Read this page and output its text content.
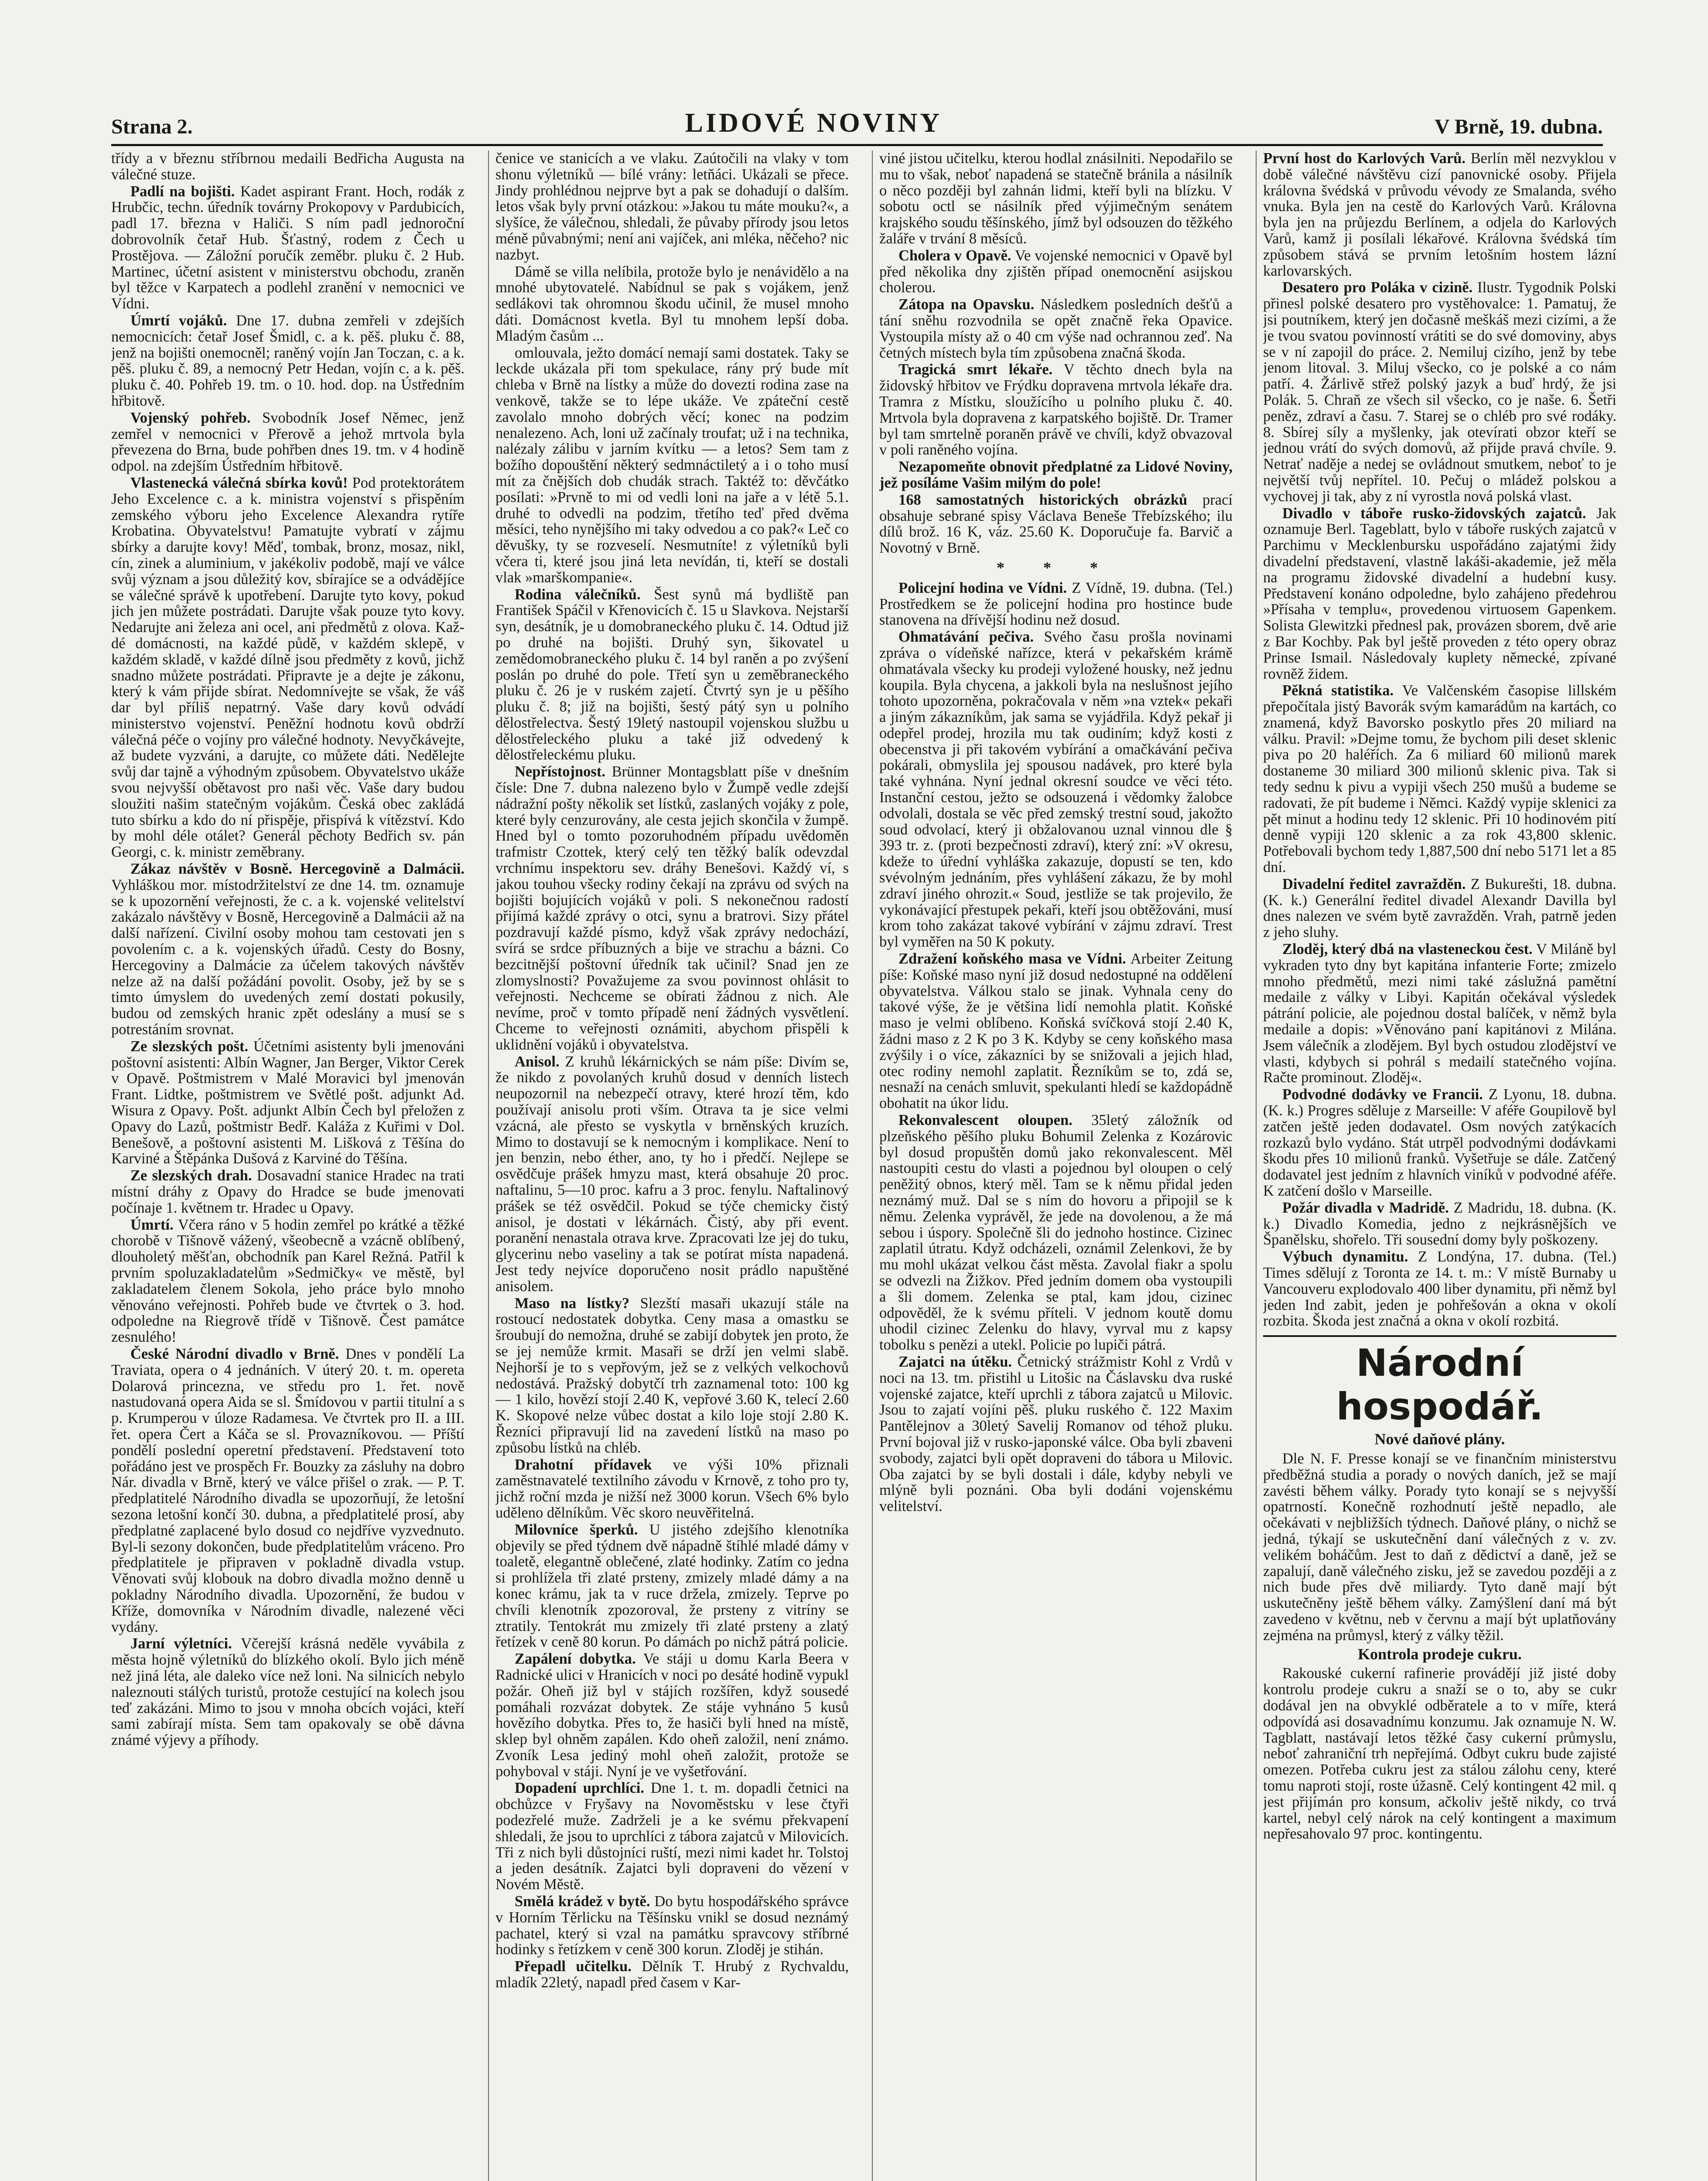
Strana 2.	LIDOVÉ NOVINY	V Brně, 19. dubna.

třídy a v březnu stříbrnou medaili Bedřicha Augusta na válečné stuze.

Padlí na bojišti. Kadet aspirant Frant. Hoch, rodák z Hrubčic, techn. úředník továrny Prokopovy v Pardubicích, padl 17. března v Haliči. S ním padl jednoroční dobrovolník četař Hub. Šťastný, rodem z Čech u Prostějova. — Záložní poručík zeměbr. pluku č. 2 Hub. Martinec, účetní asistent v ministerstvu obchodu, zraněn byl těžce v Karpatech a podlehl zranění v nemocnici ve Vídni.

Úmrtí vojáků. Dne 17. dubna zemřeli v zdejších nemocnicích: četař Josef Šmidl, c. a k. pěš. pluku č. 88, jenž na bojišti onemocněl; raněný vojín Jan Toczan, c. a k. pěš. pluku č. 89, a nemocný Petr Hedan, vojín c. a k. pěš. pluku č. 40. Pohřeb 19. tm. o 10. hod. dop. na Ústředním hřbitově.

Vojenský pohřeb. Svobodník Josef Němec, jenž zemřel v nemocnici v Přerově a jehož mrtvola byla převezena do Brna, bude pohřben dnes 19. tm. v 4 hodině odpol. na zdejším Ústředním hřbitově.

Vlastenecká válečná sbírka kovů! Pod protektorátem Jeho Excelence c. a k. ministra vojenství s přispěním zemského výboru jeho Excelence Alexandra rytíře Krobatina. Obyvatelstvu! Pamatujte vybratí v zájmu sbírky a darujte kovy! Měď, tombak, bronz, mosaz, nikl, cín, zinek a aluminium, v jakékoliv podobě, mají ve válce svůj význam a jsou důležitý kov, sbírajíce se a odvádějíce se válečné správě k upotřebení. Darujte tyto kovy, pokud jich jen můžete postrádati. Darujte však pouze tyto kovy. Nedarujte ani železa ani ocel, ani předmětů z olova. Každé domácnosti, na každé půdě, v každém sklepě, v každém skladě, v každé dílně jsou předměty z kovů, jichž snadno můžete postrádati. Připravte je a dejte je zákonu, který k vám přijde sbírat. Nedomnívejte se však, že váš dar byl příliš nepatrný. Vaše dary kovů odvádí ministerstvo vojenství. Peněžní hodnotu kovů obdrží válečná péče o vojíny pro válečné hodnoty. Nevyčkávejte, až budete vyzváni, a darujte, co můžete dáti. Nedělejte svůj dar tajně a výhodným způsobem. Obyvatelstvo ukáže svou nejvyšší obětavost pro naši věc. Vaše dary budou sloužiti našim statečným vojákům. Česká obec zakládá tuto sbírku a kdo do ní přispěje, přispívá k vítězství. Kdo by mohl déle otálet? Generál pěchoty Bedřich sv. pán Georgi, c. k. ministr zeměbrany.

Zákaz návštěv v Bosně. Hercegovině a Dalmácii. Vyhláškou mor. místodržitelství ze dne 14. tm. oznamuje se k upozornění veřejnosti, že c. a k. vojenské velitelství zakázalo návštěvy v Bosně, Hercegovině a Dalmácii až na další nařízení. Civilní osoby mohou tam cestovati jen s povolením c. a k. vojenských úřadů. Cesty do Bosny, Hercegoviny a Dalmácie za účelem takových návštěv nelze až na další požádání povolit. Osoby, jež by se s timto úmyslem do uvedených zemí dostati pokusily, budou od zemských hranic zpět odeslány a musí se s potrestáním srovnat.

Ze slezských pošt. Účetními asistenty byli jmenováni poštovní asistenti: Albín Wagner, Jan Berger, Viktor Cerek v Opavě. Poštmistrem v Malé Moravici byl jmenován Frant. Lidtke, poštmistrem ve Světlé pošt. adjunkt Ad. Wisura z Opavy. Pošt. adjunkt Albín Čech byl přeložen z Opavy do Lazů, poštmistr Bedř. Kaláža z Kuřimi v Dol. Benešově, a poštovní asistenti M. Lišková z Těšína do Karviné a Štěpánka Dušová z Karviné do Těšína.

Ze slezských drah. Dosavadní stanice Hradec na trati místní dráhy z Opavy do Hradce se bude jmenovati počínaje 1. květnem tr. Hradec u Opavy.

Úmrtí. Včera ráno v 5 hodin zemřel po krátké a těžké chorobě v Tišnově vážený, všeobecně a vzácně oblíbený, dlouholetý měšťan, obchodník pan Karel Režná. Patřil k prvním spoluzakladatelům »Sedmičky« ve městě, byl zakladatelem členem Sokola, jeho práce bylo mnoho věnováno veřejnosti. Pohřeb bude ve čtvrtek o 3. hod. odpoledne na Riegrově třídě v Tišnově. Čest památce zesnulého!

České Národní divadlo v Brně. Dnes v pondělí La Traviata, opera o 4 jednáních. V úterý 20. t. m. opereta Dolarová princezna, ve středu pro 1. řet. nově nastudovaná opera Aida se sl. Šmídovou v partii titulní a s p. Krumperou v úloze Radamesa. Ve čtvrtek pro II. a III. řet. opera Čert a Káča se sl. Provazníkovou. — Příští pondělí poslední operetní představení. Představení toto pořádáno jest ve prospěch Fr. Bouzky za zásluhy na dobro Nár. divadla v Brně, který ve válce přišel o zrak. — P. T. předplatitelé Národního divadla se upozorňují, že letošní sezona letošní končí 30. dubna, a předplatitelé prosí, aby předplatné zaplacené bylo dosud co nejdříve vyzvednuto. Byl-li sezony dokončen, bude předplatitelům vráceno. Pro předplatitele je připraven v pokladně divadla vstup. Věnovati svůj klobouk na dobro divadla možno denně u pokladny Národního divadla. Upozornění, že budou v Kříže, domovníka v Národním divadle, nalezené věci vydány.

Jarní výletníci. Včerejší krásná neděle vyvábila z města hojně výletníků do blízkého okolí. Bylo jich méně než jiná léta, ale daleko více než loni. Na silnicích nebylo naleznouti stálých turistů, protože cestující na kolech jsou teď zakázáni. Mimo to jsou v mnoha obcích vojáci, kteří sami zabírají místa. Sem tam opakovaly se obě dávna známé výjevy a příhody.

čenice ve stanicích a ve vlaku. Zaútočili na vlaky v tom shonu výletníků — bílé vrány: letňáci. Ukázali se přece. Jindy prohlédnou nejprve byt a pak se dohadují o dalším. letos však byly první otázkou: »Jakou tu máte mouku?«, a slyšíce, že válečnou, shledali, že půvaby přírody jsou letos méně půvabnými; není ani vajíček, ani mléka, něčeho? nic nazbyt.

Dámě se villa nelíbila, protože bylo je nenávidělo a na mnohé ubytovatelé. Nabídnul se pak s vojákem, jenž sedlákovi tak ohromnou škodu učinil, že musel mnoho dáti. Domácnost kvetla. Byl tu mnohem lepší doba. Mladým časům ...

omlouvala, ježto domácí nemají sami dostatek. Taky se leckde ukázala při tom spekulace, rány prý bude mít chleba v Brně na lístky a může do dovezti rodina zase na venkově, takže se to lépe ukáže. Ve zpáteční cestě zavolalo mnoho dobrých věcí; konec na podzim nenalezeno. Ach, loni už začínaly troufat; už i na technika, nalézaly zálibu v jarním kvítku — a letos? Sem tam z božího dopouštění některý sedmnáctiletý a i o toho musí mít za čnějších dob chudák strach. Taktéž to: děvčátko posílati: »Prvně to mi od vedli loni na jaře a v létě 5.1. druhé to odvedli na podzim, třetího teď před dvěma měsíci, teho nynějšího mi taky odvedou a co pak?« Leč co děvušky, ty se rozveselí. Nesmutníte! z výletníků byli včera ti, které jsou jiná leta nevídán, ti, kteří se dostali vlak »marškompanie«.

Rodina válečníků. Šest synů má bydliště pan František Spáčil v Křenovicích č. 15 u Slavkova. Nejstarší syn, desátník, je u domobraneckého pluku č. 14. Odtud již po druhé na bojišti. Druhý syn, šikovatel u zemědomobraneckého pluku č. 14 byl raněn a po zvýšení poslán po druhé do pole. Třetí syn u zeměbraneckého pluku č. 26 je v ruském zajetí. Čtvrtý syn je u pěšího pluku č. 8; již na bojišti, šestý pátý syn u polního dělostřelectva. Šestý 19letý nastoupil vojenskou službu u dělostřeleckého pluku a také již odvedený k dělostřeleckému pluku.

Nepřístojnost. Brünner Montagsblatt píše v dnešním čísle: Dne 7. dubna nalezeno bylo v Žumpě vedle zdejší nádražní pošty několik set lístků, zaslaných vojáky z pole, které byly cenzurovány, ale cesta jejich skončila v žumpě. Hned byl o tomto pozoruhodném případu uvědoměn trafmistr Czottek, který celý ten těžký balík odevzdal vrchnímu inspektoru sev. dráhy Benešovi. Každý ví, s jakou touhou všecky rodiny čekají na zprávu od svých na bojišti bojujících vojáků v poli. S nekonečnou radostí přijímá každé zprávy o otci, synu a bratrovi. Sizy přátel pozdravují každé písmo, když však zprávy nedochází, svírá se srdce příbuzných a bije ve strachu a bázni. Co bezcitnější poštovní úředník tak učinil? Snad jen ze zlomyslnosti? Považujeme za svou povinnost ohlásit to veřejnosti. Nechceme se obírati žádnou z nich. Ale nevíme, proč v tomto případě není žádných vysvětlení. Chceme to veřejnosti oznámiti, abychom přispěli k uklidnění vojáků i obyvatelstva.

Anisol. Z kruhů lékárnických se nám píše: Divím se, že nikdo z povolaných kruhů dosud v denních listech neupozornil na nebezpečí otravy, které hrozí těm, kdo používají anisolu proti vším. Otrava ta je sice velmi vzácná, ale přesto se vyskytla v brněnských kruzích. Mimo to dostavují se k nemocným i komplikace. Není to jen benzin, nebo éther, ano, ty ho i předčí. Nejlepe se osvědčuje prášek hmyzu mast, která obsahuje 20 proc. naftalinu, 5—10 proc. kafru a 3 proc. fenylu. Naftalinový prášek se též osvědčil. Pokud se týče chemicky čistý anisol, je dostati v lékárnách. Čistý, aby při event. poranění nenastala otrava krve. Zpracovati lze jej do tuku, glycerinu nebo vaseliny a tak se potírat místa napadená. Jest tedy nejvíce doporučeno nosit prádlo napuštěné anisolem.

Maso na lístky? Slezští masaři ukazují stále na rostoucí nedostatek dobytka. Ceny masa a omastku se šroubují do nemožna, druhé se zabijí dobytek jen proto, že se jej nemůže krmit. Masaři se drží jen velmi slabě. Nejhorší je to s vepřovým, jež se z velkých velkochovů nedostává. Pražský dobytčí trh zaznamenal toto: 100 kg — 1 kilo, hovězí stojí 2.40 K, vepřové 3.60 K, telecí 2.60 K. Skopové nelze vůbec dostat a kilo loje stojí 2.80 K. Řezníci připravují lid na zavedení lístků na maso po způsobu lístků na chléb.

Drahotní přídavek ve výši 10% přiznali zaměstnavatelé textilního závodu v Krnově, z toho pro ty, jichž roční mzda je nižší než 3000 korun. Všech 6% bylo uděleno dělníkům. Věc skoro neuvěřitelná.

Milovníce šperků. U jistého zdejšího klenotníka objevily se před týdnem dvě nápadně štíhlé mladé dámy v toaletě, elegantně oblečené, zlaté hodinky. Zatím co jedna si prohlížela tři zlaté prsteny, zmizely mladé dámy a na konec krámu, jak ta v ruce držela, zmizely. Teprve po chvíli klenotník zpozoroval, že prsteny z vitríny se ztratily. Tentokrát mu zmizely tři zlaté prsteny a zlatý řetízek v ceně 80 korun. Po dámách po nichž pátrá policie.

Zapálení dobytka. Ve stáji u domu Karla Beera v Radnické ulici v Hranicích v noci po desáté hodině vypukl požár. Oheň již byl v stájích rozšířen, když sousedé pomáhali rozvázat dobytek. Ze stáje vyhnáno 5 kusů hovězího dobytka. Přes to, že hasiči byli hned na místě, sklep byl ohněm zapálen. Kdo oheň založil, není známo. Zvoník Lesa jediný mohl oheň založit, protože se pohyboval v stáji. Nyní je ve vyšetřování.

Dopadení uprchlíci. Dne 1. t. m. dopadli četnici na obchůzce v Fryšavy na Novoměstsku v lese čtyři podezřelé muže. Zadrželi je a ke svému překvapení shledali, že jsou to uprchlíci z tábora zajatců v Milovicích. Tři z nich byli důstojníci ruští, mezi nimi kadet hr. Tolstoj a jeden desátník. Zajatci byli dopraveni do vězení v Novém Městě.

Smělá krádež v bytě. Do bytu hospodářského správce v Horním Těrlicku na Těšínsku vnikl se dosud neznámý pachatel, který si vzal na památku spravcovy stříbrné hodinky s řetízkem v ceně 300 korun. Zloděj je stihán.

Přepadl učitelku. Dělník T. Hrubý z Rychvaldu, mladík 22letý, napadl před časem v Kar-

viné jistou učitelku, kterou hodlal znásilniti. Nepodařilo se mu to však, neboť napadená se statečně bránila a násilník o něco později byl zahnán lidmi, kteří byli na blízku. V sobotu octl se násilník před výjimečným senátem krajského soudu těšínského, jímž byl odsouzen do těžkého žaláře v trvání 8 měsíců.

Cholera v Opavě. Ve vojenské nemocnici v Opavě byl před několika dny zjištěn případ onemocnění asijskou cholerou.

Zátopa na Opavsku. Následkem posledních dešťů a tání sněhu rozvodnila se opět značně řeka Opavice. Vystoupila místy až o 40 cm výše nad ochrannou zeď. Na četných místech byla tím způsobena značná škoda.

Tragická smrt lékaře. V těchto dnech byla na židovský hřbitov ve Frýdku dopravena mrtvola lékaře dra. Tramra z Místku, sloužícího u polního pluku č. 40. Mrtvola byla dopravena z karpatského bojiště. Dr. Tramer byl tam smrtelně poraněn právě ve chvíli, když obvazoval v poli raněného vojína.

Nezapomeňte obnovit předplatné za Lidové Noviny, jež posíláme Vašim milým do pole!

168 samostatných historických obrázků prací obsahuje sebrané spisy Václava Beneše Třebízského; ilu dílů brož. 16 K, váz. 25.60 K. Doporučuje fa. Barvič a Novotný v Brně.

* * *

Policejní hodina ve Vídni. Z Vídně, 19. dubna. (Tel.) Prostředkem se že policejní hodina pro hostince bude stanovena na dřívější hodinu než dosud.

Ohmatávání pečiva. Svého času prošla novinami zpráva o vídeňské nařízce, která v pekařském krámě ohmatávala všecky ku prodeji vyložené housky, než jednu koupila. Byla chycena, a jakkoli byla na neslušnost jejího tohoto upozorněna, pokračovala v něm »na vztek« pekaři a jiným zákazníkům, jak sama se vyjádřila. Když pekař ji odepřel prodej, hrozila mu tak oudiním; když kosti z obecenstva ji při takovém vybírání a omačkávání pečiva pokárali, obmyslila jej spousou nadávek, pro které byla také vyhnána. Nyní jednal okresní soudce ve věci této. Instanční cestou, ježto se odsouzená i vědomky žalobce odvolali, dostala se věc před zemský trestní soud, jakožto soud odvolací, který ji obžalovanou uznal vinnou dle § 393 tr. z. (proti bezpečnosti zdraví), který zní: »V okresu, kdeže to úřední vyhláška zakazuje, dopustí se ten, kdo svévolným jednáním, přes vyhlášení zákazu, že by mohl zdraví jiného ohrozit.« Soud, jestliže se tak projevilo, že vykonávající přestupek pekaři, kteří jsou obtěžováni, musí krom toho zakázat takové vybírání v zájmu zdraví. Trest byl vyměřen na 50 K pokuty.

Zdražení koňského masa ve Vídni. Arbeiter Zeitung píše: Koňské maso nyní již dosud nedostupné na oddělení obyvatelstva. Válkou stalo se jinak. Vyhnala ceny do takové výše, že je většina lidí nemohla platit. Koňské maso je velmi oblíbeno. Koňská svíčková stojí 2.40 K, žádni maso z 2 K po 3 K. Kdyby se ceny koňského masa zvýšily i o více, zákazníci by se snižovali a jejich hlad, otec rodiny nemohl zaplatit. Řezníkům se to, zdá se, nesnaží na cenách smluvit, spekulanti hledí se každopádně obohatit na úkor lidu.

Rekonvalescent oloupen. 35letý záložník od plzeňského pěšího pluku Bohumil Zelenka z Kozárovic byl dosud propuštěn domů jako rekonvalescent. Měl nastoupiti cestu do vlasti a pojednou byl oloupen o celý peněžitý obnos, který měl. Tam se k němu přidal jeden neznámý muž. Dal se s ním do hovoru a připojil se k němu. Zelenka vyprávěl, že jede na dovolenou, a že má sebou i úspory. Společně šli do jednoho hostince. Cizinec zaplatil útratu. Když odcházeli, oznámil Zelenkovi, že by mu mohl ukázat velkou část města. Zavolal fiakr a spolu se odvezli na Žižkov. Před jedním domem oba vystoupili a šli domem. Zelenka se ptal, kam jdou, cizinec odpověděl, že k svému příteli. V jednom koutě domu uhodil cizinec Zelenku do hlavy, vyrval mu z kapsy tobolku s penězi a utekl. Policie po lupiči pátrá.

Zajatci na útěku. Četnický strážmistr Kohl z Vrdů v noci na 13. tm. přistihl u Litošic na Čáslavsku dva ruské vojenské zajatce, kteří uprchli z tábora zajatců u Milovic. Jsou to zajatí vojíni pěš. pluku ruského č. 122 Maxim Pantělejnov a 30letý Savelij Romanov od téhož pluku. První bojoval již v rusko-japonské válce. Oba byli zbaveni svobody, zajatci byli opět dopraveni do tábora u Milovic. Oba zajatci by se byli dostali i dále, kdyby nebyli ve mlýně byli poznáni. Oba byli dodáni vojenskému velitelství.

První host do Karlových Varů. Berlín měl nezvyklou v době válečné návštěvu cizí panovnické osoby. Přijela královna švédská v průvodu vévody ze Smalanda, svého vnuka. Byla jen na cestě do Karlových Varů. Královna byla jen na průjezdu Berlínem, a odjela do Karlových Varů, kamž ji posílali lékařové. Královna švédská tím způsobem stává se prvním letošním hostem lázní karlovarských.

Desatero pro Poláka v cizině. Ilustr. Tygodnik Polski přinesl polské desatero pro vystěhovalce: 1. Pamatuj, že jsi poutníkem, který jen dočasně meškáš mezi cizími, a že je tvou svatou povinností vrátiti se do své domoviny, abys se v ní zapojil do práce. 2. Nemiluj cizího, jenž by tebe jenom litoval. 3. Miluj všecko, co je polské a co nám patří. 4. Žárlivě střež polský jazyk a buď hrdý, že jsi Polák. 5. Chraň ze všech sil všecko, co je naše. 6. Šetři peněz, zdraví a času. 7. Starej se o chléb pro své rodáky. 8. Sbírej síly a myšlenky, jak otevírati obzor kteří se jednou vrátí do svých domovů, až přijde pravá chvíle. 9. Netrať naděje a nedej se ovládnout smutkem, neboť to je největší tvůj nepřítel. 10. Pečuj o mládež polskou a vychovej ji tak, aby z ní vyrostla nová polská vlast.

Divadlo v táboře rusko-židovských zajatců. Jak oznamuje Berl. Tageblatt, bylo v táboře ruských zajatců v Parchimu v Mecklenbursku uspořádáno zajatými židy divadelní představení, vlastně lakáši-akademie, jež měla na programu židovské divadelní a hudební kusy. Představení konáno odpoledne, bylo zahájeno předehrou »Přísaha v templu«, provedenou virtuosem Gapenkem. Solista Glewitzki přednesl pak, provázen sborem, dvě arie z Bar Kochby. Pak byl ještě proveden z této opery obraz Prinse Ismail. Následovaly kuplety německé, zpívané rovněž židem.

Pěkná statistika. Ve Valčenském časopise lillském přepočítala jistý Bavorák svým kamarádům na kartách, co znamená, když Bavorsko poskytlo přes 20 miliard na válku. Pravil: »Dejme tomu, že bychom pili deset sklenic piva po 20 haléřích. Za 6 miliard 60 milionů marek dostaneme 30 miliard 300 milionů sklenic piva. Tak si tedy sednu k pivu a vypiji všech 250 mušů a budeme se radovati, že pít budeme i Němci. Každý vypije sklenici za pět minut a hodinu tedy 12 sklenic. Při 10 hodinovém pití denně vypiji 120 sklenic a za rok 43,800 sklenic. Potřebovali bychom tedy 1,887,500 dní nebo 5171 let a 85 dní.

Divadelní ředitel zavražděn. Z Bukurešti, 18. dubna. (K. k.) Generální ředitel divadel Alexandr Davilla byl dnes nalezen ve svém bytě zavražděn. Vrah, patrně jeden z jeho sluhy.

Zloděj, který dbá na vlasteneckou čest. V Miláně byl vykraden tyto dny byt kapitána infanterie Forte; zmizelo mnoho předmětů, mezi nimi také záslužná pamětní medaile z války v Libyi. Kapitán očekával výsledek pátrání policie, ale pojednou dostal balíček, v němž byla medaile a dopis: »Věnováno paní kapitánovi z Milána. Jsem válečník a zlodějem. Byl bych ostudou zlodějství ve vlasti, kdybych si pohrál s medailí statečného vojína. Račte prominout. Zloděj«.

Podvodné dodávky ve Francii. Z Lyonu, 18. dubna. (K. k.) Progres sděluje z Marseille: V aféře Goupilově byl zatčen ještě jeden dodavatel. Osm nových zatýkacích rozkazů bylo vydáno. Stát utrpěl podvodnými dodávkami škodu přes 10 milionů franků. Vyšetřuje se dále. Zatčený dodavatel jest jedním z hlavních viníků v podvodné aféře. K zatčení došlo v Marseille.

Požár divadla v Madridě. Z Madridu, 18. dubna. (K. k.) Divadlo Komedia, jedno z nejkrásnějších ve Španělsku, shořelo. Tři sousední domy byly poškozeny.

Výbuch dynamitu. Z Londýna, 17. dubna. (Tel.) Times sdělují z Toronta ze 14. t. m.: V místě Burnaby u Vancouveru explodovalo 400 liber dynamitu, při němž byl jeden Ind zabit, jeden je pohřešován a okna v okolí rozbita. Škoda jest značná a okna v okolí rozbitá.

Národní hospodář.
Nové daňové plány.

Dle N. F. Presse konají se ve finančním ministerstvu předběžná studia a porady o nových daních, jež se mají zavésti během války. Porady tyto konají se s nejvyšší opatrností. Konečně rozhodnutí ještě nepadlo, ale očekávati v nejbližších týdnech. Daňové plány, o nichž se jedná, týkají se uskutečnění daní válečných z v. zv. velikém boháčům. Jest to daň z dědictví a daně, jež se zapalují, daně válečného zisku, jež se zavedou později a z nich bude přes dvě miliardy. Tyto daně mají být uskutečněny ještě během války. Zamýšlení daní má být zavedeno v květnu, neb v červnu a mají být uplatňovány zejména na průmysl, který z války těžil.

Kontrola prodeje cukru.

Rakouské cukerní rafinerie provádějí již jisté doby kontrolu prodeje cukru a snaží se o to, aby se cukr dodával jen na obvyklé odběratele a to v míře, která odpovídá asi dosavadnímu konzumu. Jak oznamuje N. W. Tagblatt, nastávají letos těžké časy cukerní průmyslu, neboť zahraniční trh nepřejímá. Odbyt cukru bude zajisté omezen. Potřeba cukru jest za stálou zálohu ceny, které tomu naproti stojí, roste úžasně. Celý kontingent 42 mil. q jest přijímán pro konsum, ačkoliv ještě nikdy, co trvá kartel, nebyl celý nárok na celý kontingent a maximum nepřesahovalo 97 proc. kontingentu.
